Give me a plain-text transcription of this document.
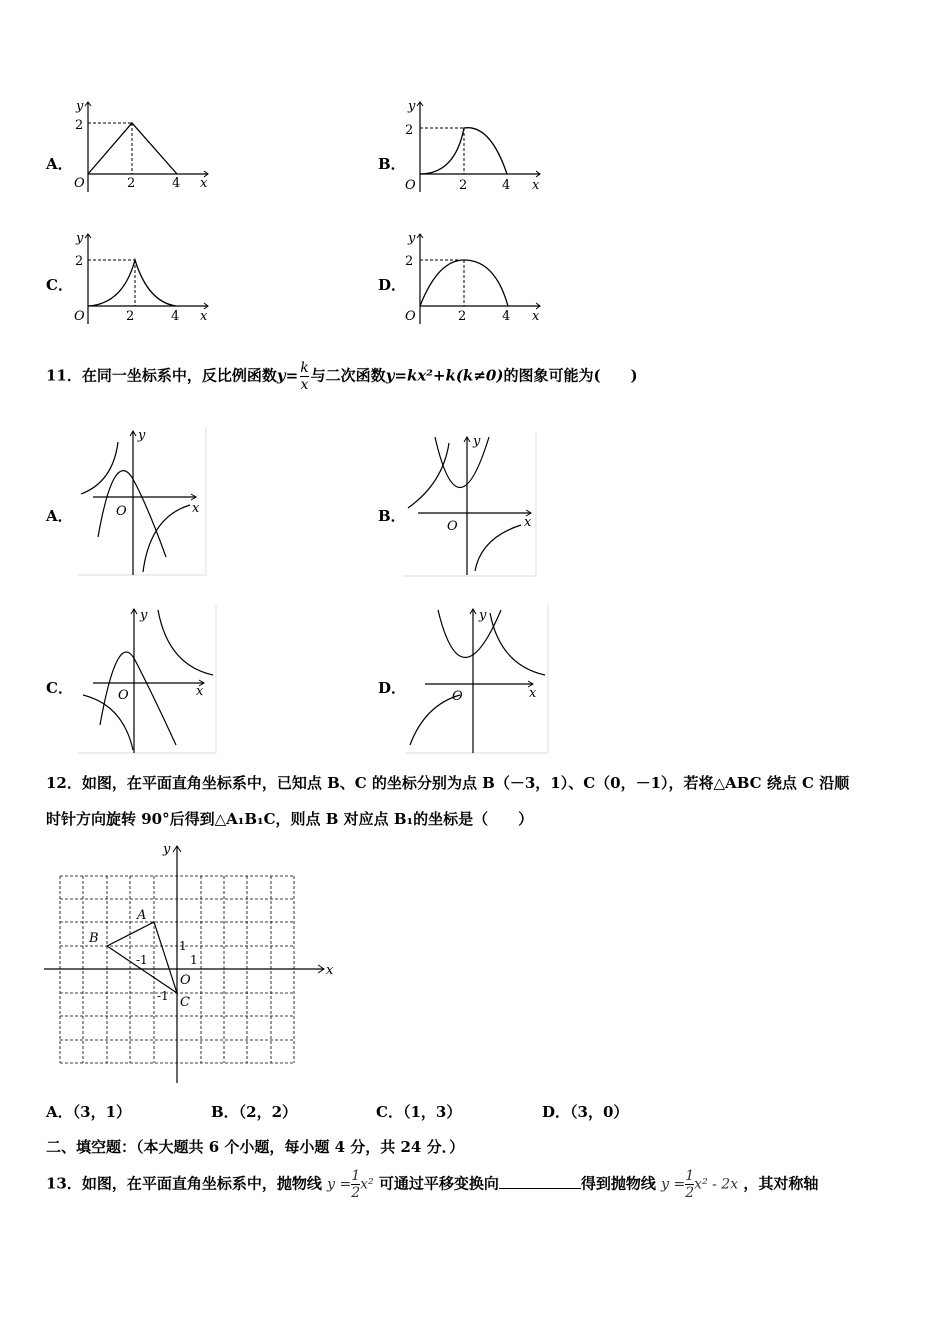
A．	B．
C．	D．
y
2
O	2	4 x
y
2
O	2	4 x
y
2
O	2	4 x
y
2
O	2	4 x
11．在同一坐标系中，反比例函数$y= \frac{k}{x}$ 与二次函数y=kx²+k(k≠0)的图象可能为(　　)
A．	B．
C．	D．
y
O	x
y
O	x
y
O	x
y
O	x
12．如图，在平面直角坐标系中，已知点 B、C 的坐标分别为点 B（－3，1）、C（0，－1），若将△ABC 绕点 C 沿顺
时针方向旋转 90°后得到△A₁B₁C，则点 B 对应点 B₁的坐标是（　　）
y
x
A
B
C
O
1
1
-1
-1
A．（3，1）	B．（2，2）	C．（1，3）	D．（3，0）
二、填空题：（本大题共 6 个小题，每小题 4 分，共 24 分．）
13．如图，在平面直角坐标系中，抛物线 $y = \frac{1}{2} x^2$ 可通过平移变换向	得到抛物线 $y = \frac{1}{2} x^2 - 2x$ ，其对称轴
